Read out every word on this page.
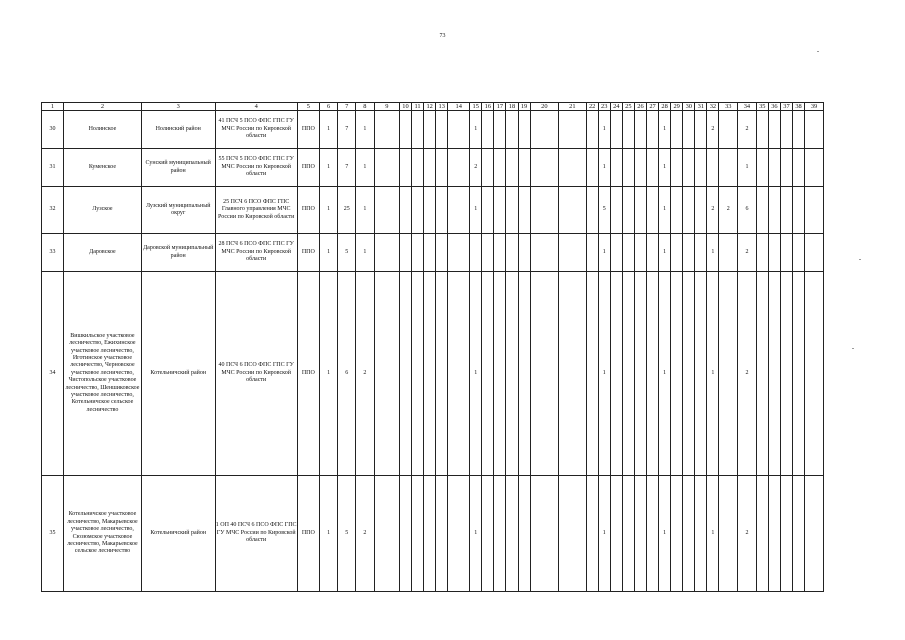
73
1	2	3	4	5	6	7	8	9	10	11	12	13	14	15	16	17	18	19	20	21	22	23	24	25	26	27	28	29	30	31	32	33	34	35	36	37	38	39
30	Нолинское	Нолинский район	41 ПСЧ 5 ПСО ФПС ГПС ГУ МЧС России по Кировской области	ППО	1	7	1							1								1					1				2		2					
31	Куменское	Сунский муниципальный район	55 ПСЧ 5 ПСО ФПС ГПС ГУ МЧС России по Кировской области	ППО	1	7	1							2								1					1						1					
32	Лузское	Лузский муниципальный округ	25 ПСЧ 6 ПСО ФПС ГПС Главного управления МЧС России по Кировской области	ППО	1	25	1							1								5					1				2	2	6					
33	Даровское	Даровской муниципальный район	28 ПСЧ 6 ПСО ФПС ГПС ГУ МЧС России по Кировской области	ППО	1	5	1															1					1				1		2					
34	Вишкильское участковое лесничество, Ежихинское участковое лесничество, Иготинское участковое лесничество, Черновское участковое лесничество, Чистопольское участковое лесничество, Шеншиковское участковое лесничество, Котельничское сельское лесничество	Котельничский район	40 ПСЧ 6 ПСО ФПС ГПС ГУ МЧС России по Кировской области	ППО	1	6	2							1								1					1				1		2					
35	Котельничское участковое лесничество, Макарьевское участковое лесничество, Сюзюмское участковое лесничество, Макарьевское сельское лесничество	Котельничский район	1 ОП 40 ПСЧ 6 ПСО ФПС ГПС ГУ МЧС России по Кировской области	ППО	1	5	2							1								1					1				1		2					
